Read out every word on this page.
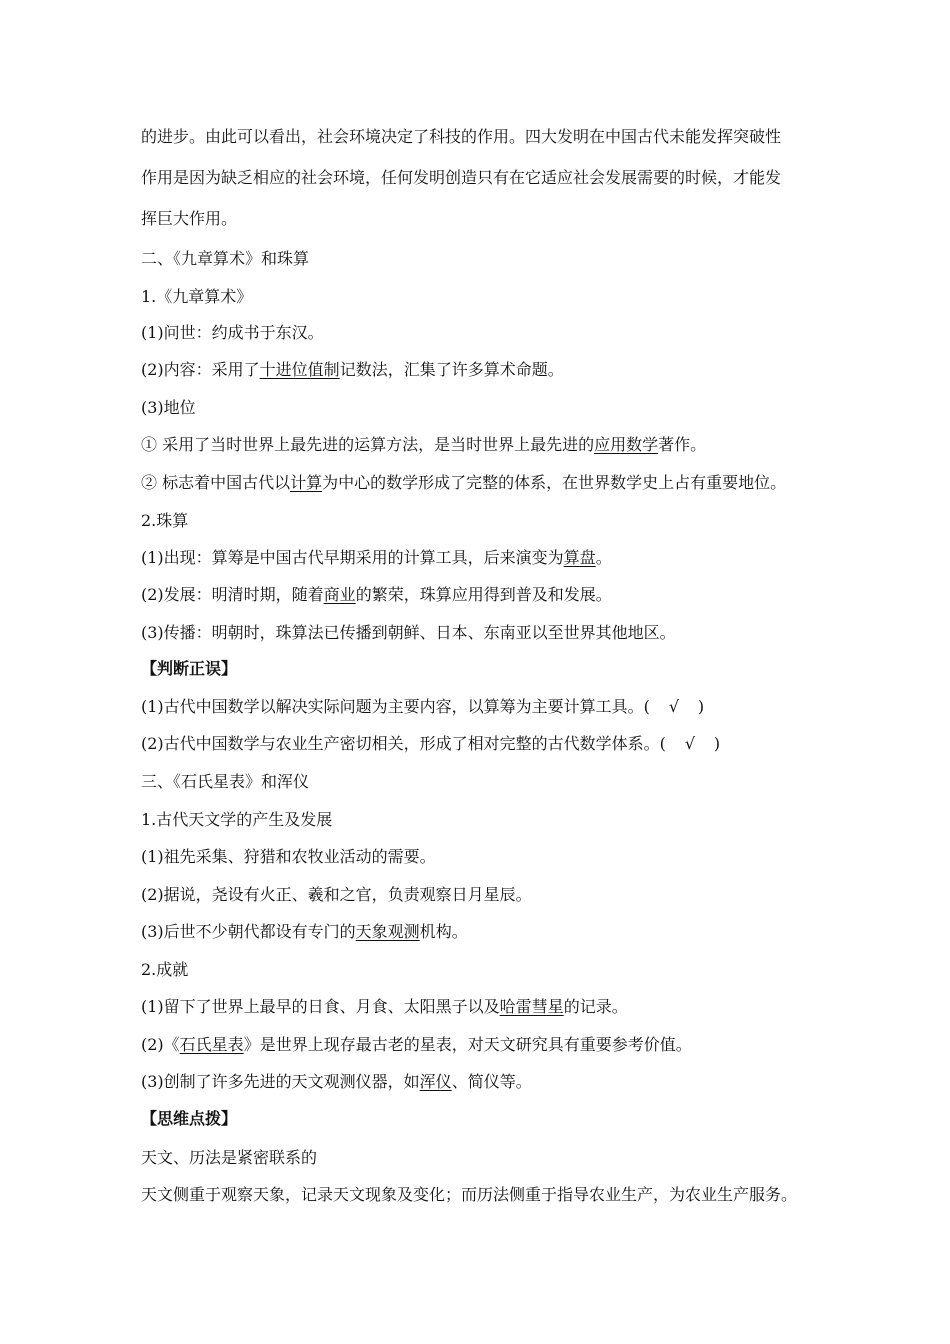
的进步。由此可以看出，社会环境决定了科技的作用。四大发明在中国古代未能发挥突破性
作用是因为缺乏相应的社会环境，任何发明创造只有在它适应社会发展需要的时候，才能发
挥巨大作用。
二、《九章算术》和珠算
1.《九章算术》
(1)问世：约成书于东汉。
(2)内容：采用了十进位值制记数法，汇集了许多算术命题。
(3)地位
① 采用了当时世界上最先进的运算方法，是当时世界上最先进的应用数学著作。
② 标志着中国古代以计算为中心的数学形成了完整的体系，在世界数学史上占有重要地位。
2.珠算
(1)出现：算筹是中国古代早期采用的计算工具，后来演变为算盘。
(2)发展：明清时期，随着商业的繁荣，珠算应用得到普及和发展。
(3)传播：明朝时，珠算法已传播到朝鲜、日本、东南亚以至世界其他地区。
【判断正误】
(1)古代中国数学以解决实际问题为主要内容，以算筹为主要计算工具。( √ )
(2)古代中国数学与农业生产密切相关，形成了相对完整的古代数学体系。( √ )
三、《石氏星表》和浑仪
1.古代天文学的产生及发展
(1)祖先采集、狩猎和农牧业活动的需要。
(2)据说，尧设有火正、羲和之官，负责观察日月星辰。
(3)后世不少朝代都设有专门的天象观测机构。
2.成就
(1)留下了世界上最早的日食、月食、太阳黑子以及哈雷彗星的记录。
(2)《石氏星表》是世界上现存最古老的星表，对天文研究具有重要参考价值。
(3)创制了许多先进的天文观测仪器，如浑仪、简仪等。
【思维点拨】
天文、历法是紧密联系的
天文侧重于观察天象，记录天文现象及变化；而历法侧重于指导农业生产，为农业生产服务。
